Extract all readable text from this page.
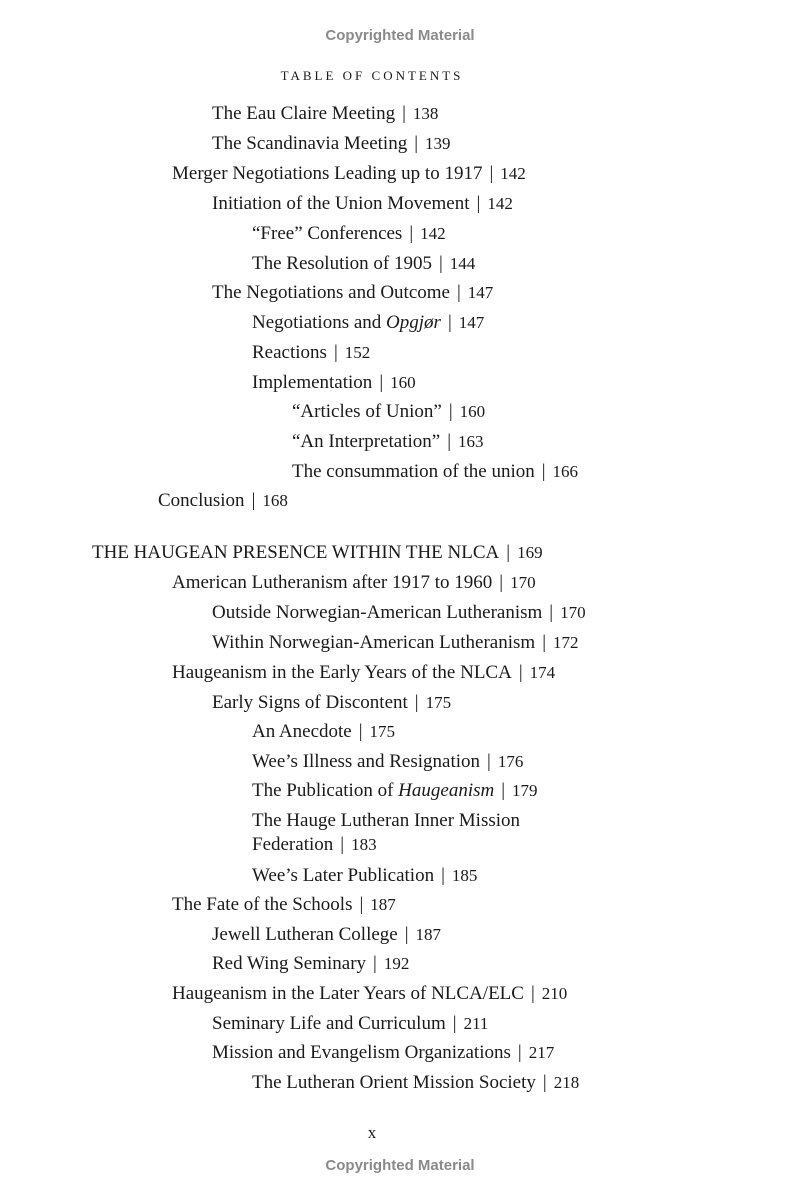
Copyrighted Material
TABLE OF CONTENTS
The Eau Claire Meeting | 138
The Scandinavia Meeting | 139
Merger Negotiations Leading up to 1917 | 142
Initiation of the Union Movement | 142
“Free” Conferences | 142
The Resolution of 1905 | 144
The Negotiations and Outcome | 147
Negotiations and Opgjør | 147
Reactions | 152
Implementation | 160
“Articles of Union” | 160
“An Interpretation” | 163
The consummation of the union | 166
Conclusion | 168
THE HAUGEAN PRESENCE WITHIN THE NLCA | 169
American Lutheranism after 1917 to 1960 | 170
Outside Norwegian-American Lutheranism | 170
Within Norwegian-American Lutheranism | 172
Haugeanism in the Early Years of the NLCA | 174
Early Signs of Discontent | 175
An Anecdote | 175
Wee’s Illness and Resignation | 176
The Publication of Haugeanism | 179
The Hauge Lutheran Inner Mission
Federation | 183
Wee’s Later Publication | 185
The Fate of the Schools | 187
Jewell Lutheran College | 187
Red Wing Seminary | 192
Haugeanism in the Later Years of NLCA/ELC | 210
Seminary Life and Curriculum | 211
Mission and Evangelism Organizations | 217
The Lutheran Orient Mission Society | 218
x
Copyrighted Material
